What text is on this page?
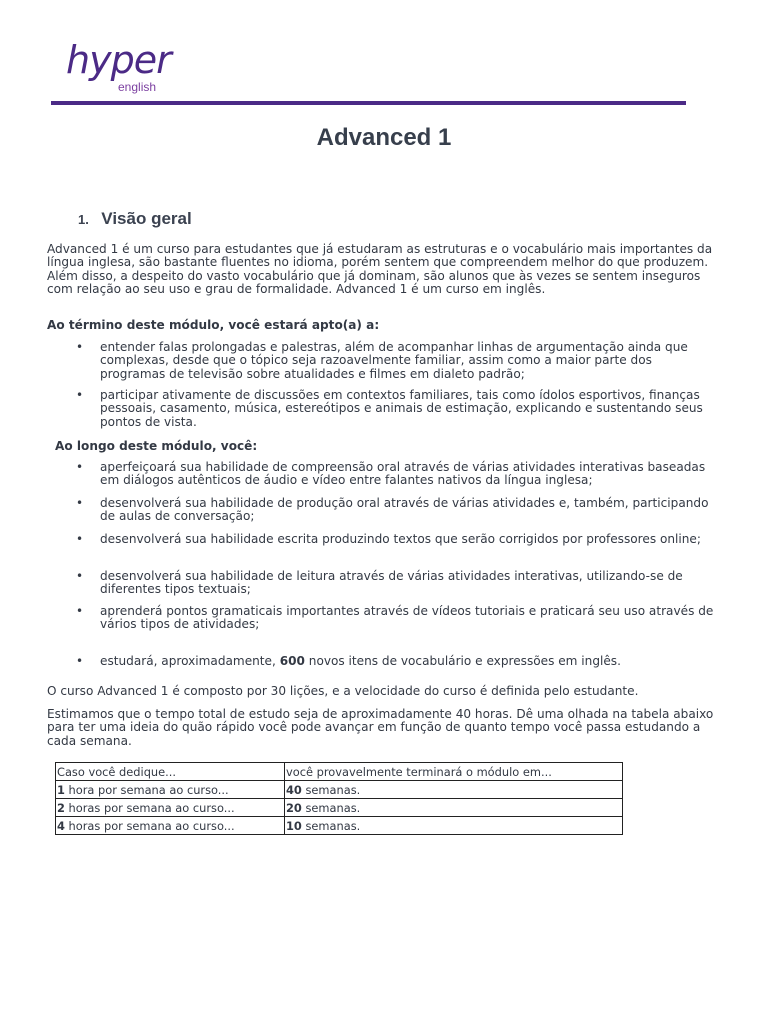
hyper
english
Advanced 1
1. Visão geral

Advanced 1 é um curso para estudantes que já estudaram as estruturas e o vocabulário mais importantes da língua inglesa, são bastante fluentes no idioma, porém sentem que compreendem melhor do que produzem. Além disso, a despeito do vasto vocabulário que já dominam, são alunos que às vezes se sentem inseguros com relação ao seu uso e grau de formalidade. Advanced 1 é um curso em inglês.

Ao término deste módulo, você estará apto(a) a:
• entender falas prolongadas e palestras, além de acompanhar linhas de argumentação ainda que complexas, desde que o tópico seja razoavelmente familiar, assim como a maior parte dos programas de televisão sobre atualidades e filmes em dialeto padrão;
• participar ativamente de discussões em contextos familiares, tais como ídolos esportivos, finanças pessoais, casamento, música, estereótipos e animais de estimação, explicando e sustentando seus pontos de vista.
Ao longo deste módulo, você:
• aperfeiçoará sua habilidade de compreensão oral através de várias atividades interativas baseadas em diálogos autênticos de áudio e vídeo entre falantes nativos da língua inglesa;
• desenvolverá sua habilidade de produção oral através de várias atividades e, também, participando de aulas de conversação;
• desenvolverá sua habilidade escrita produzindo textos que serão corrigidos por professores online;
• desenvolverá sua habilidade de leitura através de várias atividades interativas, utilizando-se de diferentes tipos textuais;
• aprenderá pontos gramaticais importantes através de vídeos tutoriais e praticará seu uso através de vários tipos de atividades;
• estudará, aproximadamente, 600 novos itens de vocabulário e expressões em inglês.

O curso Advanced 1 é composto por 30 lições, e a velocidade do curso é definida pelo estudante.

Estimamos que o tempo total de estudo seja de aproximadamente 40 horas. Dê uma olhada na tabela abaixo para ter uma ideia do quão rápido você pode avançar em função de quanto tempo você passa estudando a cada semana.

Caso você dedique...	você provavelmente terminará o módulo em...
1 hora por semana ao curso...	40 semanas.
2 horas por semana ao curso...	20 semanas.
4 horas por semana ao curso...	10 semanas.
